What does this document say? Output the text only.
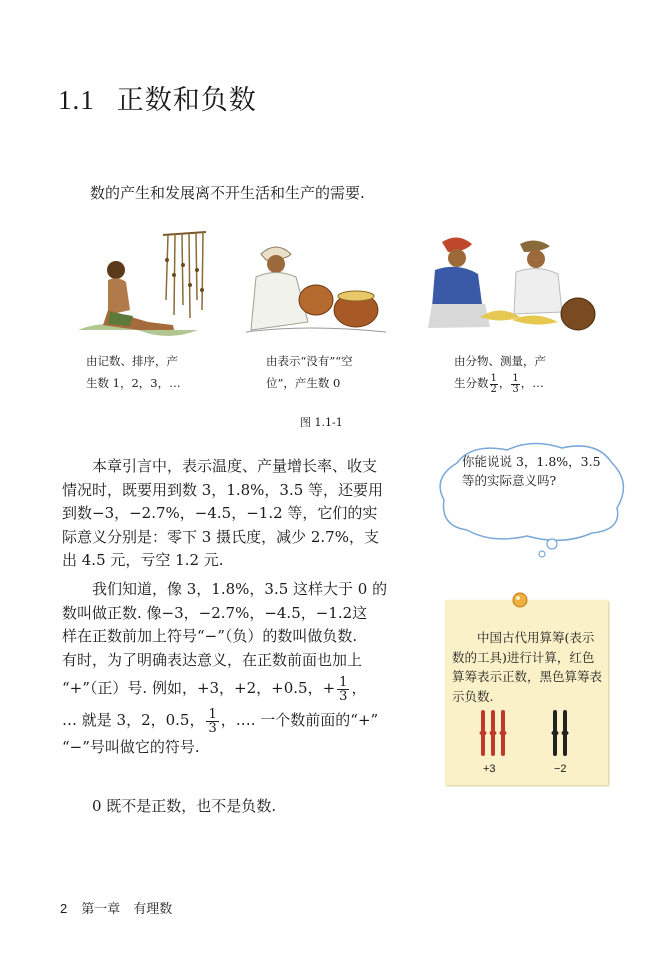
1.1 正数和负数
数的产生和发展离不开生活和生产的需要.
由记数、排序，产
生数 1，2，3，…
由表示“没有”“空
位”，产生数 0
由分物、测量，产
生分数 $\frac{1}{2}$ ， $\frac{1}{3}$ ，…
图 1.1-1
本章引言中，表示温度、产量增长率、收支
情况时，既要用到数 3，1.8%，3.5 等，还要用
到数−3，−2.7%，−4.5，−1.2 等，它们的实
际意义分别是：零下 3 摄氏度，减少 2.7%，支
出 4.5 元，亏空 1.2 元.
我们知道，像 3，1.8%，3.5 这样大于 0 的
数叫做正数. 像−3，−2.7%，−4.5，−1.2这
样在正数前加上符号“−”（负）的数叫做负数.
有时，为了明确表达意义，在正数前面也加上
“+”（正）号. 例如，+3，+2，+0.5，+ $\frac{1}{3}$ ，
… 就是 3，2，0.5， $\frac{1}{3}$ ，…. 一个数前面的“+”
“−”号叫做它的符号.
0 既不是正数，也不是负数.
你能说说 3，1.8%，3.5 等的实际意义吗?
中国古代用算筹(表示数的工具)进行计算，红色算筹表示正数，黑色算筹表示负数.
+3	−2
2 第一章　有理数
